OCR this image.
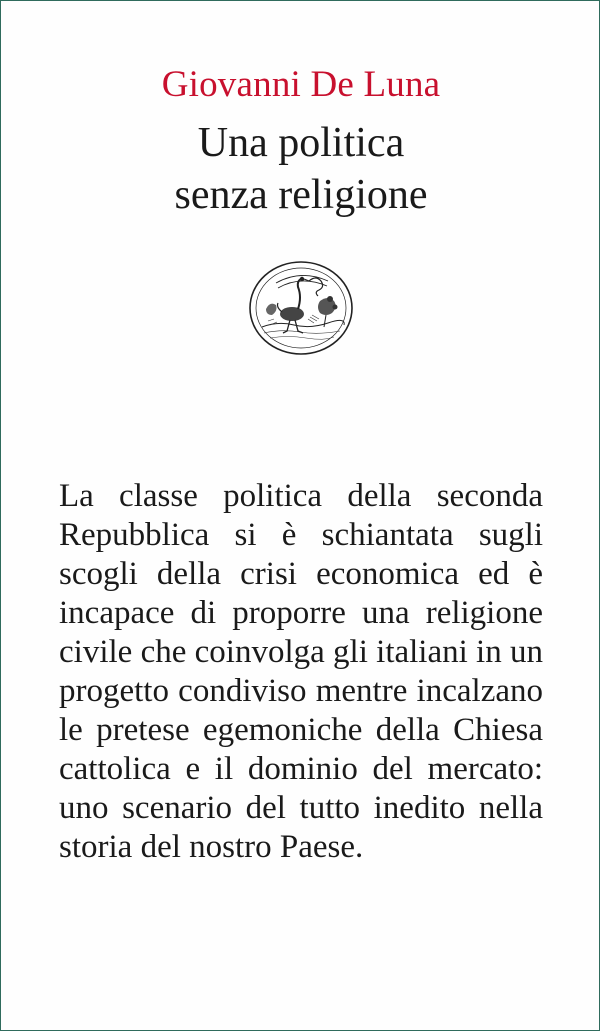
Giovanni De Luna
Una politica
senza religione
La classe politica della seconda
Repubblica si è schiantata sugli
scogli della crisi economica ed è
incapace di proporre una religione
civile che coinvolga gli italiani in un
progetto condiviso mentre incalzano
le pretese egemoniche della Chiesa
cattolica e il dominio del mercato:
uno scenario del tutto inedito nella
storia del nostro Paese.
